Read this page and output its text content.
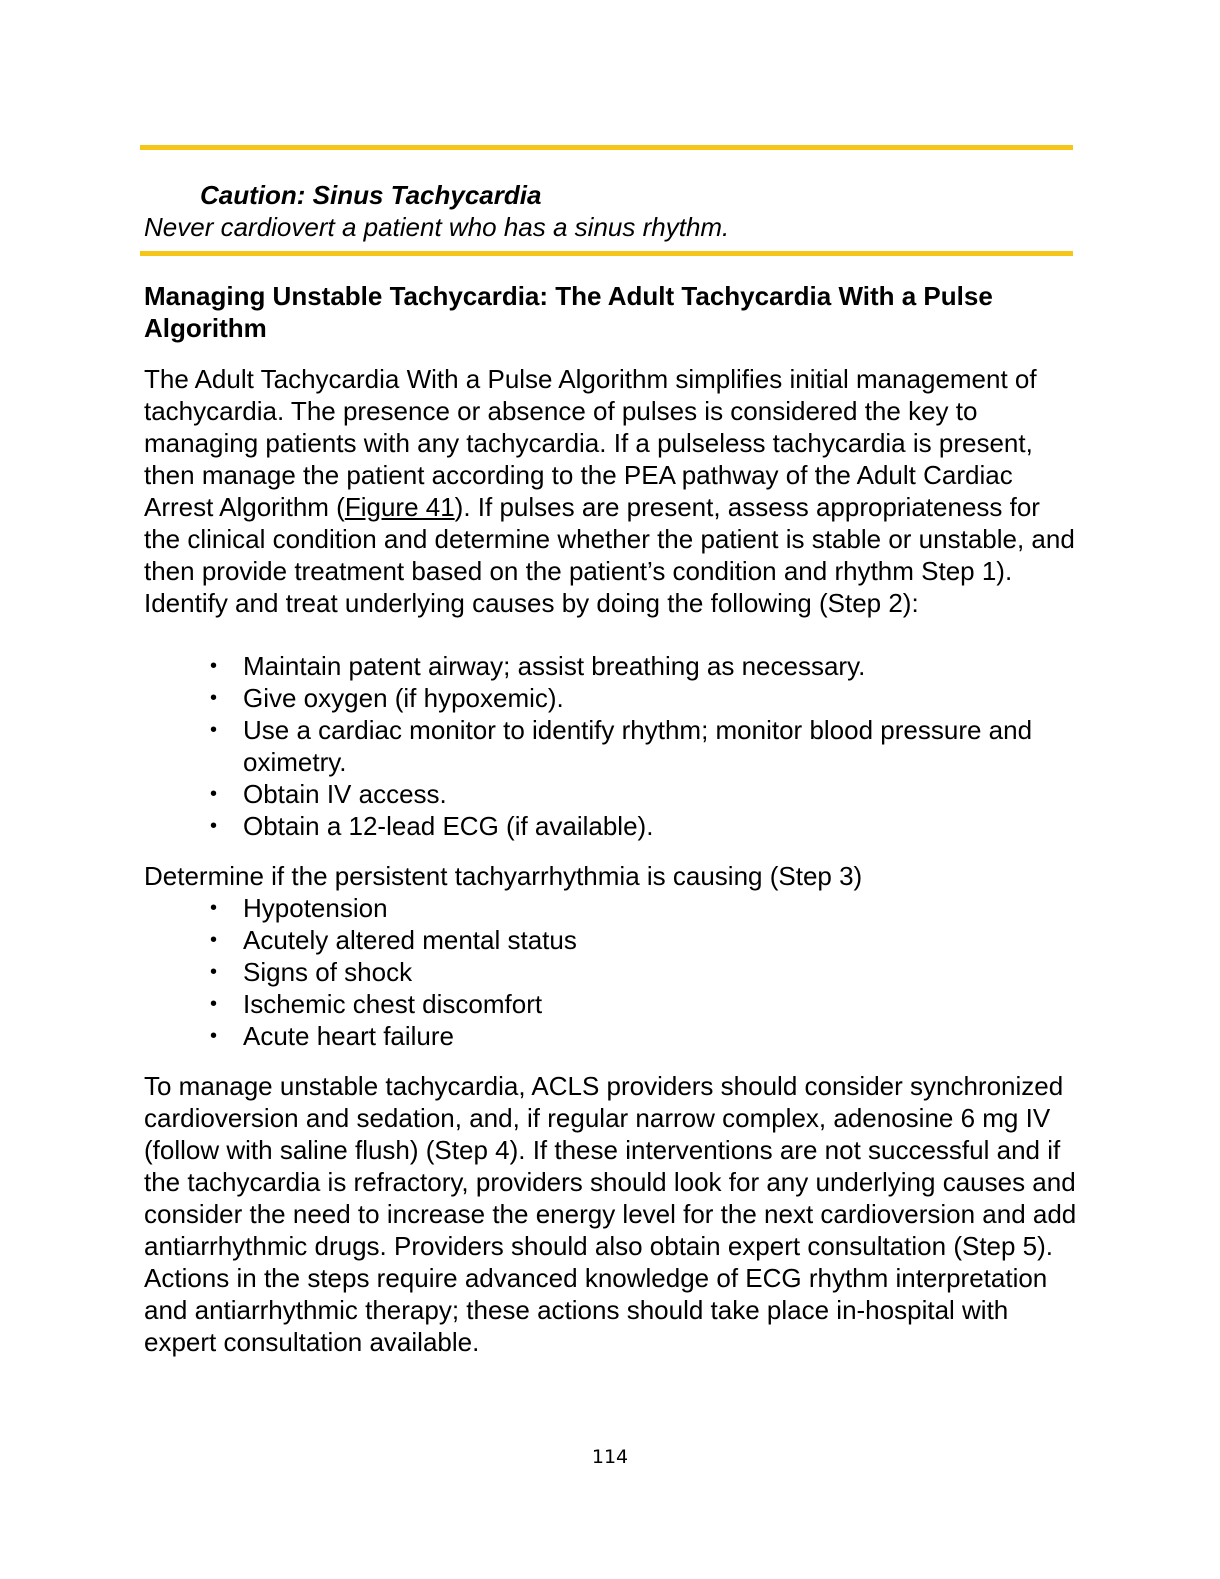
Caution: Sinus Tachycardia
Never cardiovert a patient who has a sinus rhythm.
Managing Unstable Tachycardia: The Adult Tachycardia With a Pulse Algorithm
The Adult Tachycardia With a Pulse Algorithm simplifies initial management of tachycardia. The presence or absence of pulses is considered the key to managing patients with any tachycardia. If a pulseless tachycardia is present, then manage the patient according to the PEA pathway of the Adult Cardiac Arrest Algorithm (Figure 41). If pulses are present, assess appropriateness for the clinical condition and determine whether the patient is stable or unstable, and then provide treatment based on the patient’s condition and rhythm Step 1). Identify and treat underlying causes by doing the following (Step 2):
• Maintain patent airway; assist breathing as necessary.
• Give oxygen (if hypoxemic).
• Use a cardiac monitor to identify rhythm; monitor blood pressure and oximetry.
• Obtain IV access.
• Obtain a 12-lead ECG (if available).
Determine if the persistent tachyarrhythmia is causing (Step 3)
• Hypotension
• Acutely altered mental status
• Signs of shock
• Ischemic chest discomfort
• Acute heart failure
To manage unstable tachycardia, ACLS providers should consider synchronized cardioversion and sedation, and, if regular narrow complex, adenosine 6 mg IV (follow with saline flush) (Step 4). If these interventions are not successful and if the tachycardia is refractory, providers should look for any underlying causes and consider the need to increase the energy level for the next cardioversion and add antiarrhythmic drugs. Providers should also obtain expert consultation (Step 5). Actions in the steps require advanced knowledge of ECG rhythm interpretation and antiarrhythmic therapy; these actions should take place in-hospital with expert consultation available.
114
